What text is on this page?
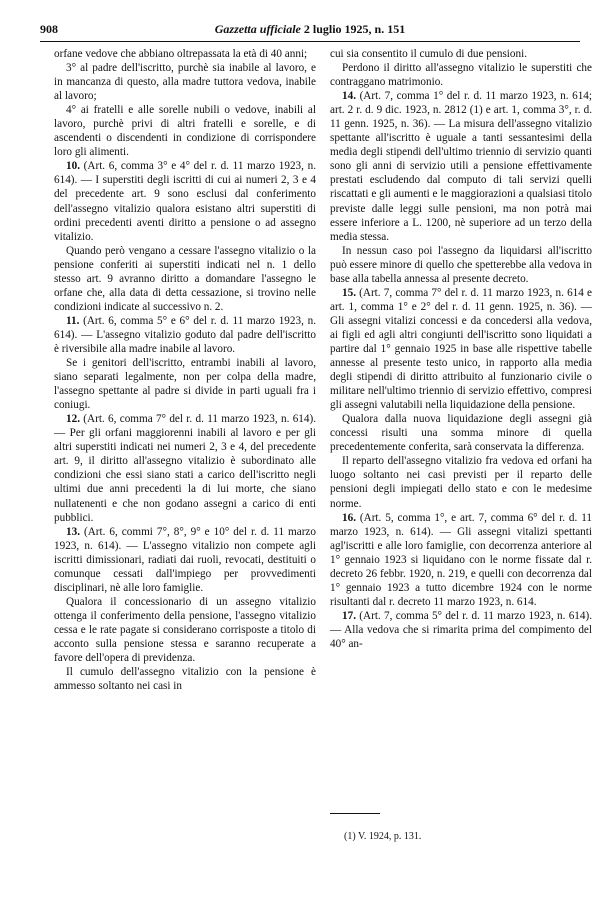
908	Gazzetta ufficiale 2 luglio 1925, n. 151

orfane vedove che abbiano oltrepassata la età di 40 anni;

3° al padre dell'iscritto, purchè sia inabile al lavoro, e in mancanza di questo, alla madre tuttora vedova, inabile al lavoro;

4° ai fratelli e alle sorelle nubili o vedove, inabili al lavoro, purchè privi di altri fratelli e sorelle, e di ascendenti o discendenti in condizione di corrispondere loro gli alimenti.

10. (Art. 6, comma 3° e 4° del r. d. 11 marzo 1923, n. 614). — I superstiti degli iscritti di cui ai numeri 2, 3 e 4 del precedente art. 9 sono esclusi dal conferimento dell'assegno vitalizio qualora esistano altri superstiti di ordini precedenti aventi diritto a pensione o ad assegno vitalizio.

Quando però vengano a cessare l'assegno vitalizio o la pensione conferiti ai superstiti indicati nel n. 1 dello stesso art. 9 avranno diritto a domandare l'assegno le orfane che, alla data di detta cessazione, si trovino nelle condizioni indicate al successivo n. 2.

11. (Art. 6, comma 5° e 6° del r. d. 11 marzo 1923, n. 614). — L'assegno vitalizio goduto dal padre dell'iscritto è riversibile alla madre inabile al lavoro.

Se i genitori dell'iscritto, entrambi inabili al lavoro, siano separati legalmente, non per colpa della madre, l'assegno spettante al padre si divide in parti uguali fra i coniugi.

12. (Art. 6, comma 7° del r. d. 11 marzo 1923, n. 614). — Per gli orfani maggiorenni inabili al lavoro e per gli altri superstiti indicati nei numeri 2, 3 e 4, del precedente art. 9, il diritto all'assegno vitalizio è subordinato alle condizioni che essi siano stati a carico dell'iscritto negli ultimi due anni precedenti la di lui morte, che siano nullatenenti e che non godano assegni a carico di enti pubblici.

13. (Art. 6, commi 7°, 8°, 9° e 10° del r. d. 11 marzo 1923, n. 614). — L'assegno vitalizio non compete agli iscritti dimissionari, radiati dai ruoli, revocati, destituiti o comunque cessati dall'impiego per provvedimenti disciplinari, nè alle loro famiglie.

Qualora il concessionario di un assegno vitalizio ottenga il conferimento della pensione, l'assegno vitalizio cessa e le rate pagate si considerano corrisposte a titolo di acconto sulla pensione stessa e saranno recuperate a favore dell'opera di previdenza.

Il cumulo dell'assegno vitalizio con la pensione è ammesso soltanto nei casi in

cui sia consentito il cumulo di due pensioni.

Perdono il diritto all'assegno vitalizio le superstiti che contraggano matrimonio.

14. (Art. 7, comma 1° del r. d. 11 marzo 1923, n. 614; art. 2 r. d. 9 dic. 1923, n. 2812 (1) e art. 1, comma 3°, r. d. 11 genn. 1925, n. 36). — La misura dell'assegno vitalizio spettante all'iscritto è uguale a tanti sessantesimi della media degli stipendi dell'ultimo triennio di servizio quanti sono gli anni di servizio utili a pensione effettivamente prestati escludendo dal computo di tali servizi quelli riscattati e gli aumenti e le maggiorazioni a qualsiasi titolo previste dalle leggi sulle pensioni, ma non potrà mai essere inferiore a L. 1200, nè superiore ad un terzo della media stessa.

In nessun caso poi l'assegno da liquidarsi all'iscritto può essere minore di quello che spetterebbe alla vedova in base alla tabella annessa al presente decreto.

15. (Art. 7, comma 7° del r. d. 11 marzo 1923, n. 614 e art. 1, comma 1° e 2° del r. d. 11 genn. 1925, n. 36). — Gli assegni vitalizi concessi e da concedersi alla vedova, ai figli ed agli altri congiunti dell'iscritto sono liquidati a partire dal 1° gennaio 1925 in base alle rispettive tabelle annesse al presente testo unico, in rapporto alla media degli stipendi di diritto attribuito al funzionario civile o militare nell'ultimo triennio di servizio effettivo, compresi gli assegni valutabili nella liquidazione della pensione.

Qualora dalla nuova liquidazione degli assegni già concessi risulti una somma minore di quella precedentemente conferita, sarà conservata la differenza.

Il reparto dell'assegno vitalizio fra vedova ed orfani ha luogo soltanto nei casi previsti per il reparto delle pensioni degli impiegati dello stato e con le medesime norme.

16. (Art. 5, comma 1°, e art. 7, comma 6° del r. d. 11 marzo 1923, n. 614). — Gli assegni vitalizi spettanti agl'iscritti e alle loro famiglie, con decorrenza anteriore al 1° gennaio 1923 si liquidano con le norme fissate dal r. decreto 26 febbr. 1920, n. 219, e quelli con decorrenza dal 1° gennaio 1923 a tutto dicembre 1924 con le norme risultanti dal r. decreto 11 marzo 1923, n. 614.

17. (Art. 7, comma 5° del r. d. 11 marzo 1923, n. 614). — Alla vedova che si rimarita prima del compimento del 40° an-

(1) V. 1924, p. 131.
